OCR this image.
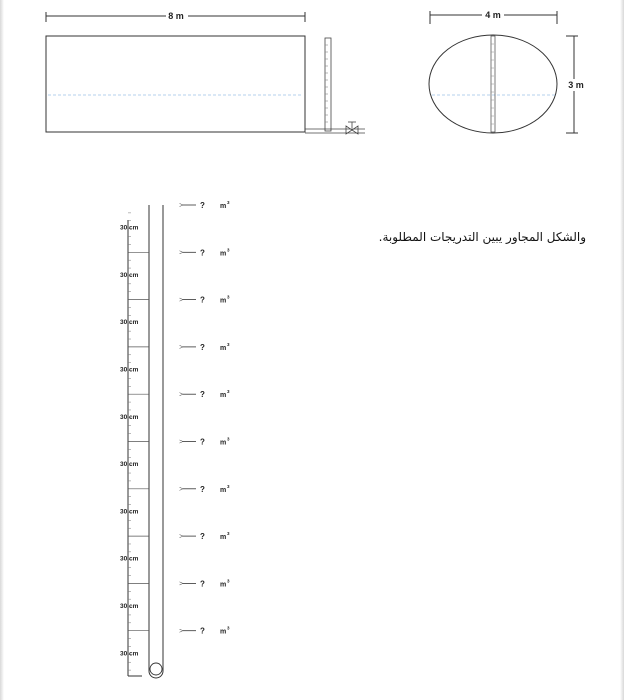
8 m	4 m
3 m
30 cm
30 cm
30 cm
30 cm
30 cm
30 cm
30 cm
30 cm
30 cm
30 cm
? m
3
? m
3
? m
3
? m
3
? m
3
? m
3
? m
3
? m
3
? m
3
? m
3
والشكل المجاور يبين التدريجات المطلوبة.
